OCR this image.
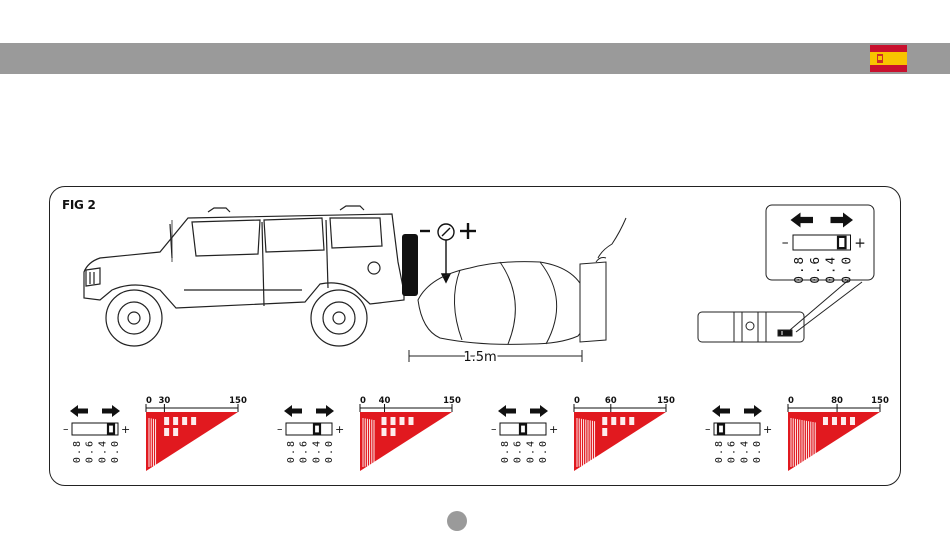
FIG 2
1.5m
–	+
0.8 0.6 0.4 0.0
–	+
0.8 0.6 0.4 0.0
0 30	150
–	+
0.8 0.6 0.4 0.0
0 40	150
–	+
0.8 0.6 0.4 0.0
0	60	150
–	+
0.8 0.6 0.4 0.0
0	80	150
